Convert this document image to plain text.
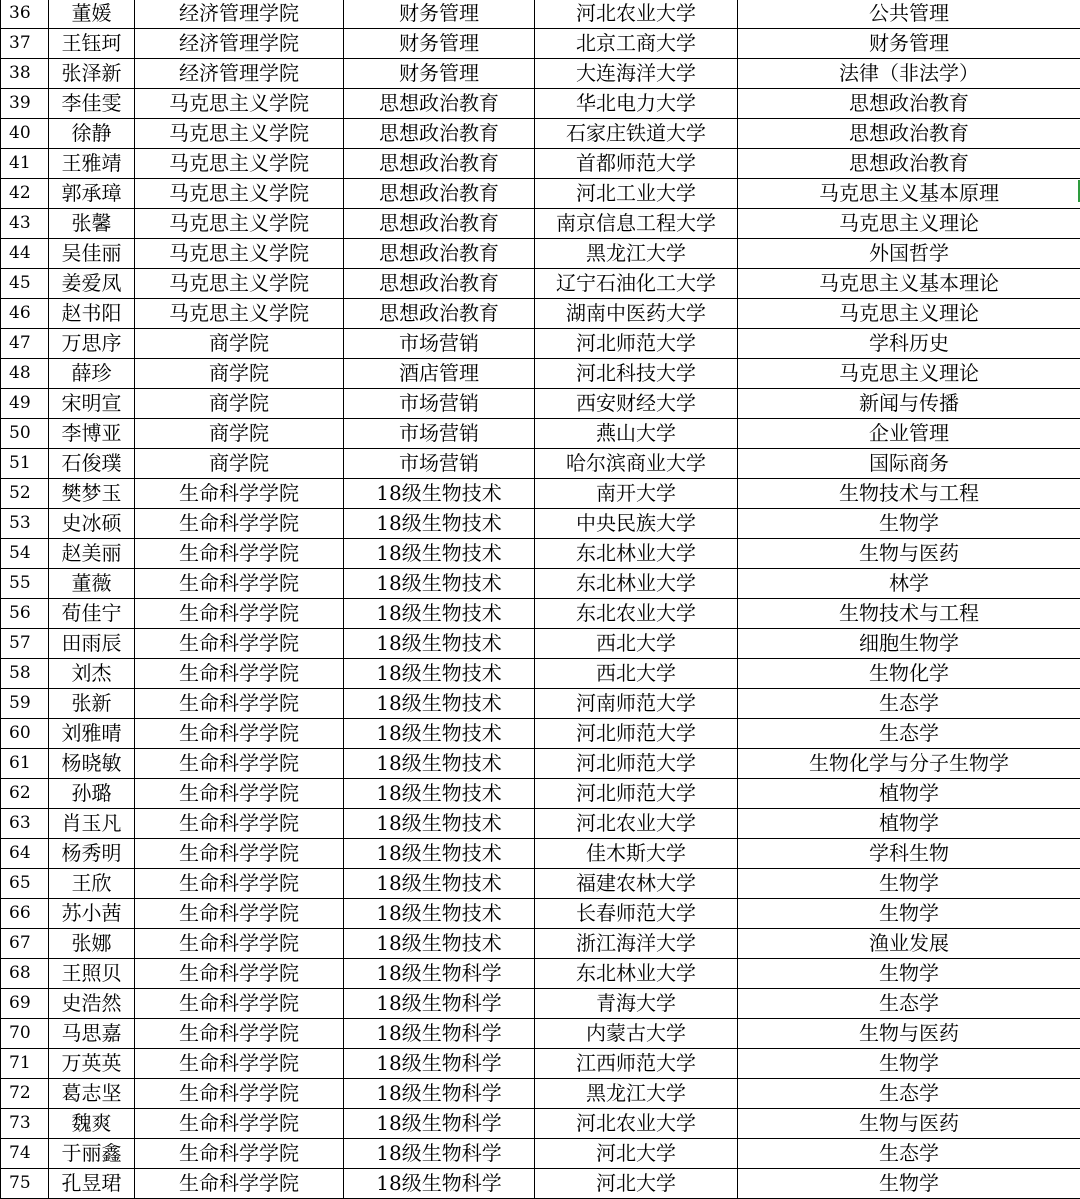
36	董媛	经济管理学院	财务管理	河北农业大学	公共管理
37	王钰珂	经济管理学院	财务管理	北京工商大学	财务管理
38	张泽新	经济管理学院	财务管理	大连海洋大学	法律（非法学）
39	李佳雯	马克思主义学院	思想政治教育	华北电力大学	思想政治教育
40	徐静	马克思主义学院	思想政治教育	石家庄铁道大学	思想政治教育
41	王雅靖	马克思主义学院	思想政治教育	首都师范大学	思想政治教育
42	郭承璋	马克思主义学院	思想政治教育	河北工业大学	马克思主义基本原理
43	张馨	马克思主义学院	思想政治教育	南京信息工程大学	马克思主义理论
44	吴佳丽	马克思主义学院	思想政治教育	黑龙江大学	外国哲学
45	姜爱凤	马克思主义学院	思想政治教育	辽宁石油化工大学	马克思主义基本理论
46	赵书阳	马克思主义学院	思想政治教育	湖南中医药大学	马克思主义理论
47	万思序	商学院	市场营销	河北师范大学	学科历史
48	薛珍	商学院	酒店管理	河北科技大学	马克思主义理论
49	宋明宣	商学院	市场营销	西安财经大学	新闻与传播
50	李博亚	商学院	市场营销	燕山大学	企业管理
51	石俊璞	商学院	市场营销	哈尔滨商业大学	国际商务
52	樊梦玉	生命科学学院	18级生物技术	南开大学	生物技术与工程
53	史冰硕	生命科学学院	18级生物技术	中央民族大学	生物学
54	赵美丽	生命科学学院	18级生物技术	东北林业大学	生物与医药
55	董薇	生命科学学院	18级生物技术	东北林业大学	林学
56	荀佳宁	生命科学学院	18级生物技术	东北农业大学	生物技术与工程
57	田雨辰	生命科学学院	18级生物技术	西北大学	细胞生物学
58	刘杰	生命科学学院	18级生物技术	西北大学	生物化学
59	张新	生命科学学院	18级生物技术	河南师范大学	生态学
60	刘雅晴	生命科学学院	18级生物技术	河北师范大学	生态学
61	杨晓敏	生命科学学院	18级生物技术	河北师范大学	生物化学与分子生物学
62	孙璐	生命科学学院	18级生物技术	河北师范大学	植物学
63	肖玉凡	生命科学学院	18级生物技术	河北农业大学	植物学
64	杨秀明	生命科学学院	18级生物技术	佳木斯大学	学科生物
65	王欣	生命科学学院	18级生物技术	福建农林大学	生物学
66	苏小茜	生命科学学院	18级生物技术	长春师范大学	生物学
67	张娜	生命科学学院	18级生物技术	浙江海洋大学	渔业发展
68	王照贝	生命科学学院	18级生物科学	东北林业大学	生物学
69	史浩然	生命科学学院	18级生物科学	青海大学	生态学
70	马思嘉	生命科学学院	18级生物科学	内蒙古大学	生物与医药
71	万英英	生命科学学院	18级生物科学	江西师范大学	生物学
72	葛志坚	生命科学学院	18级生物科学	黑龙江大学	生态学
73	魏爽	生命科学学院	18级生物科学	河北农业大学	生物与医药
74	于丽鑫	生命科学学院	18级生物科学	河北大学	生态学
75	孔昱珺	生命科学学院	18级生物科学	河北大学	生物学
